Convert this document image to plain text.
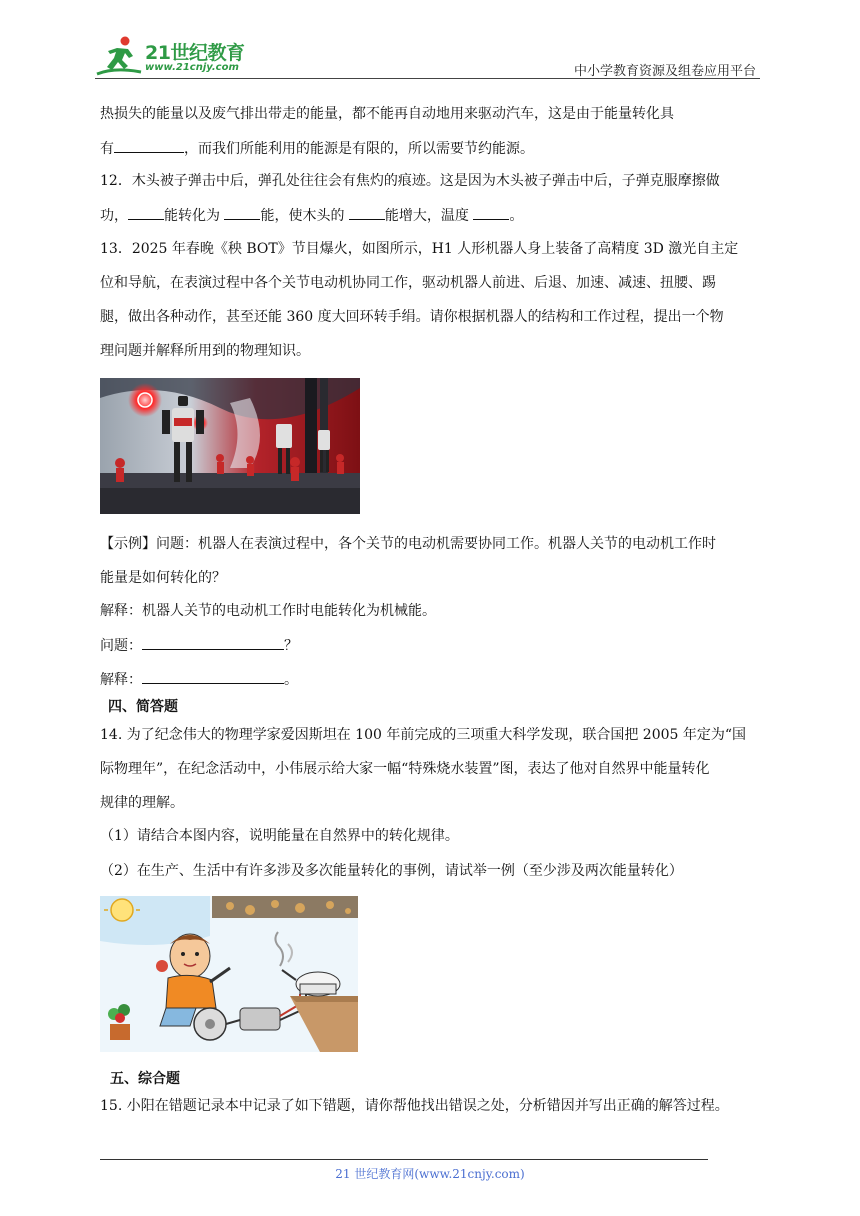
21世纪教育
www.21cnjy.com	中小学教育资源及组卷应用平台
热损失的能量以及废气排出带走的能量，都不能再自动地用来驱动汽车，这是由于能量转化具
有	，而我们所能利用的能源是有限的，所以需要节约能源。
12．木头被子弹击中后，弹孔处往往会有焦灼的痕迹。这是因为木头被子弹击中后，子弹克服摩擦做
功，	能转化为	能，使木头的	能增大，温度	。
13．2025 年春晚《秧 BOT》节目爆火，如图所示，H1 人形机器人身上装备了高精度 3D 激光自主定
位和导航，在表演过程中各个关节电动机协同工作，驱动机器人前进、后退、加速、减速、扭腰、踢
腿，做出各种动作，甚至还能 360 度大回环转手绢。请你根据机器人的结构和工作过程，提出一个物
理问题并解释所用到的物理知识。
【示例】问题：机器人在表演过程中，各个关节的电动机需要协同工作。机器人关节的电动机工作时
能量是如何转化的？
解释：机器人关节的电动机工作时电能转化为机械能。
问题：	？
解释：	。
四、简答题
14. 为了纪念伟大的物理学家爱因斯坦在 100 年前完成的三项重大科学发现，联合国把 2005 年定为“国
际物理年”，在纪念活动中，小伟展示给大家一幅“特殊烧水装置”图，表达了他对自然界中能量转化
规律的理解。
（1）请结合本图内容，说明能量在自然界中的转化规律。
（2）在生产、生活中有许多涉及多次能量转化的事例，请试举一例（至少涉及两次能量转化）
五、综合题
15. 小阳在错题记录本中记录了如下错题，请你帮他找出错误之处，分析错因并写出正确的解答过程。
21 世纪教育网(www.21cnjy.com)
